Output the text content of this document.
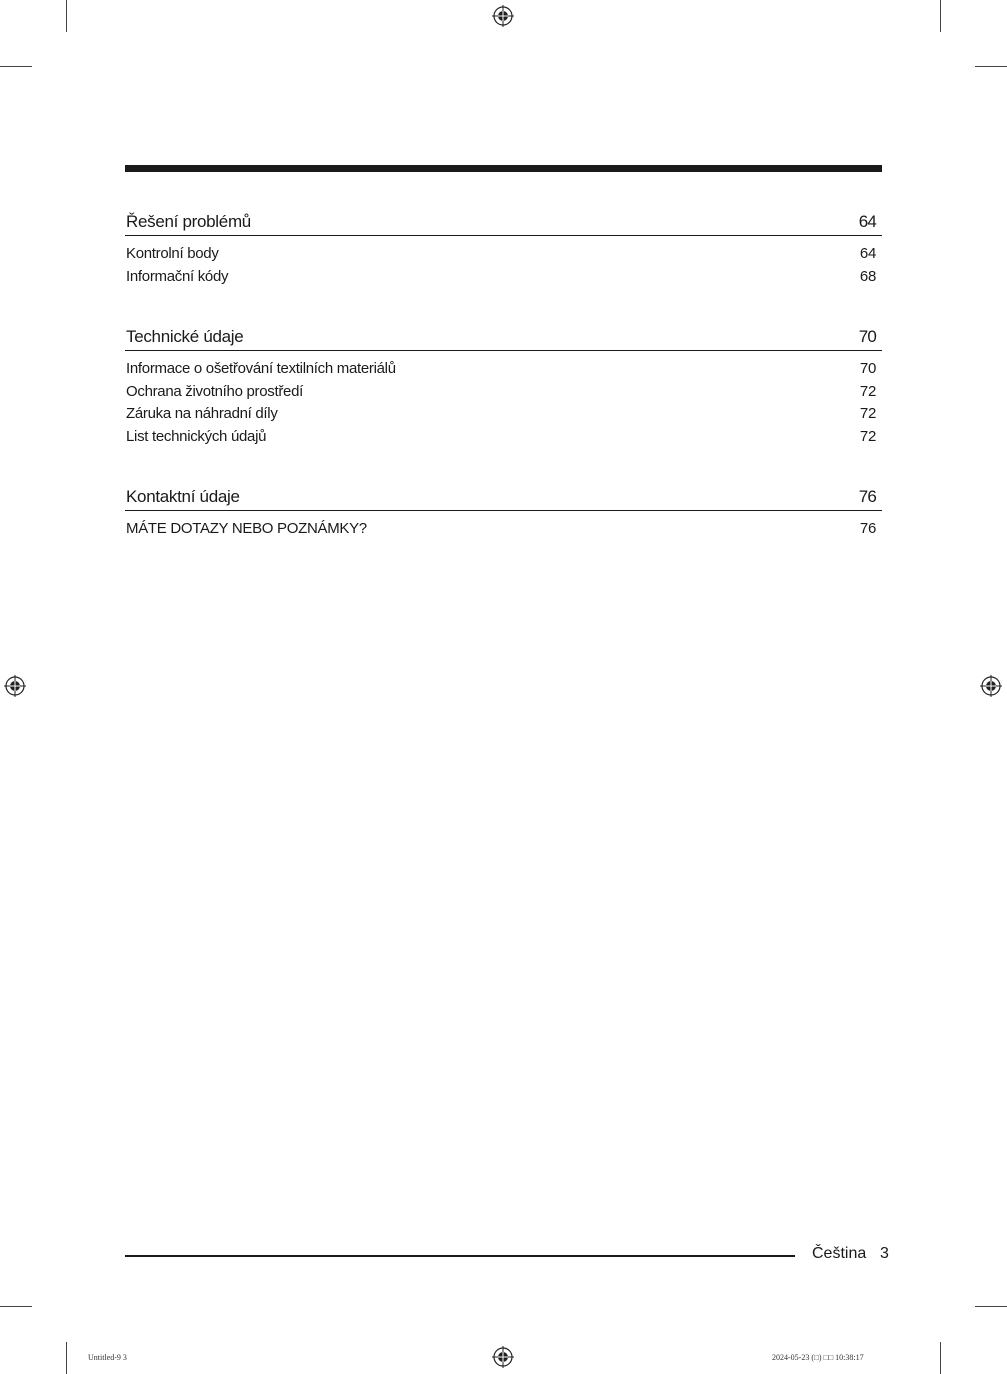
Řešení problémů	64
Kontrolní body	64
Informační kódy	68
Technické údaje	70
Informace o ošetřování textilních materiálů	70
Ochrana životního prostředí	72
Záruka na náhradní díly	72
List technických údajů	72
Kontaktní údaje	76
MÁTE DOTAZY NEBO POZNÁMKY?	76
Čeština 3
Untitled-9 3	2024-05-23 (□) □□ 10:38:17
